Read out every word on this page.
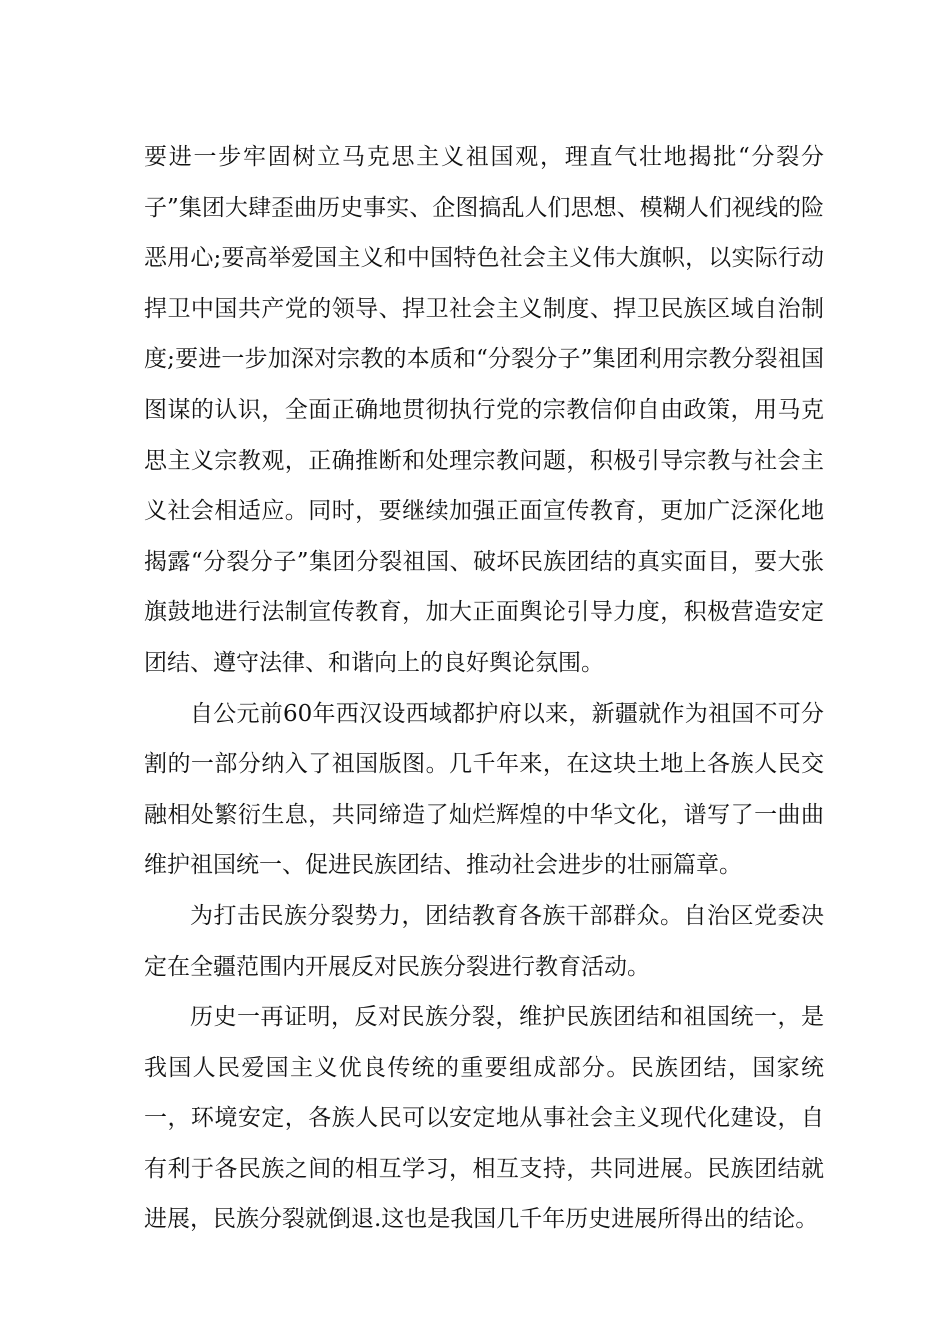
要进一步牢固树立马克思主义祖国观，理直气壮地揭批“分裂分子”集团大肆歪曲历史事实、企图搞乱人们思想、模糊人们视线的险恶用心;要高举爱国主义和中国特色社会主义伟大旗帜，以实际行动捍卫中国共产党的领导、捍卫社会主义制度、捍卫民族区域自治制度;要进一步加深对宗教的本质和“分裂分子”集团利用宗教分裂祖国图谋的认识，全面正确地贯彻执行党的宗教信仰自由政策，用马克思主义宗教观，正确推断和处理宗教问题，积极引导宗教与社会主义社会相适应。同时，要继续加强正面宣传教育，更加广泛深化地揭露“分裂分子”集团分裂祖国、破坏民族团结的真实面目，要大张旗鼓地进行法制宣传教育，加大正面舆论引导力度，积极营造安定团结、遵守法律、和谐向上的良好舆论氛围。

自公元前60年西汉设西域都护府以来，新疆就作为祖国不可分割的一部分纳入了祖国版图。几千年来，在这块土地上各族人民交融相处繁衍生息，共同缔造了灿烂辉煌的中华文化，谱写了一曲曲维护祖国统一、促进民族团结、推动社会进步的壮丽篇章。

为打击民族分裂势力，团结教育各族干部群众。自治区党委决定在全疆范围内开展反对民族分裂进行教育活动。

历史一再证明，反对民族分裂，维护民族团结和祖国统一，是我国人民爱国主义优良传统的重要组成部分。民族团结，国家统一，环境安定，各族人民可以安定地从事社会主义现代化建设，自有利于各民族之间的相互学习，相互支持，共同进展。民族团结就进展，民族分裂就倒退.这也是我国几千年历史进展所得出的结论。
